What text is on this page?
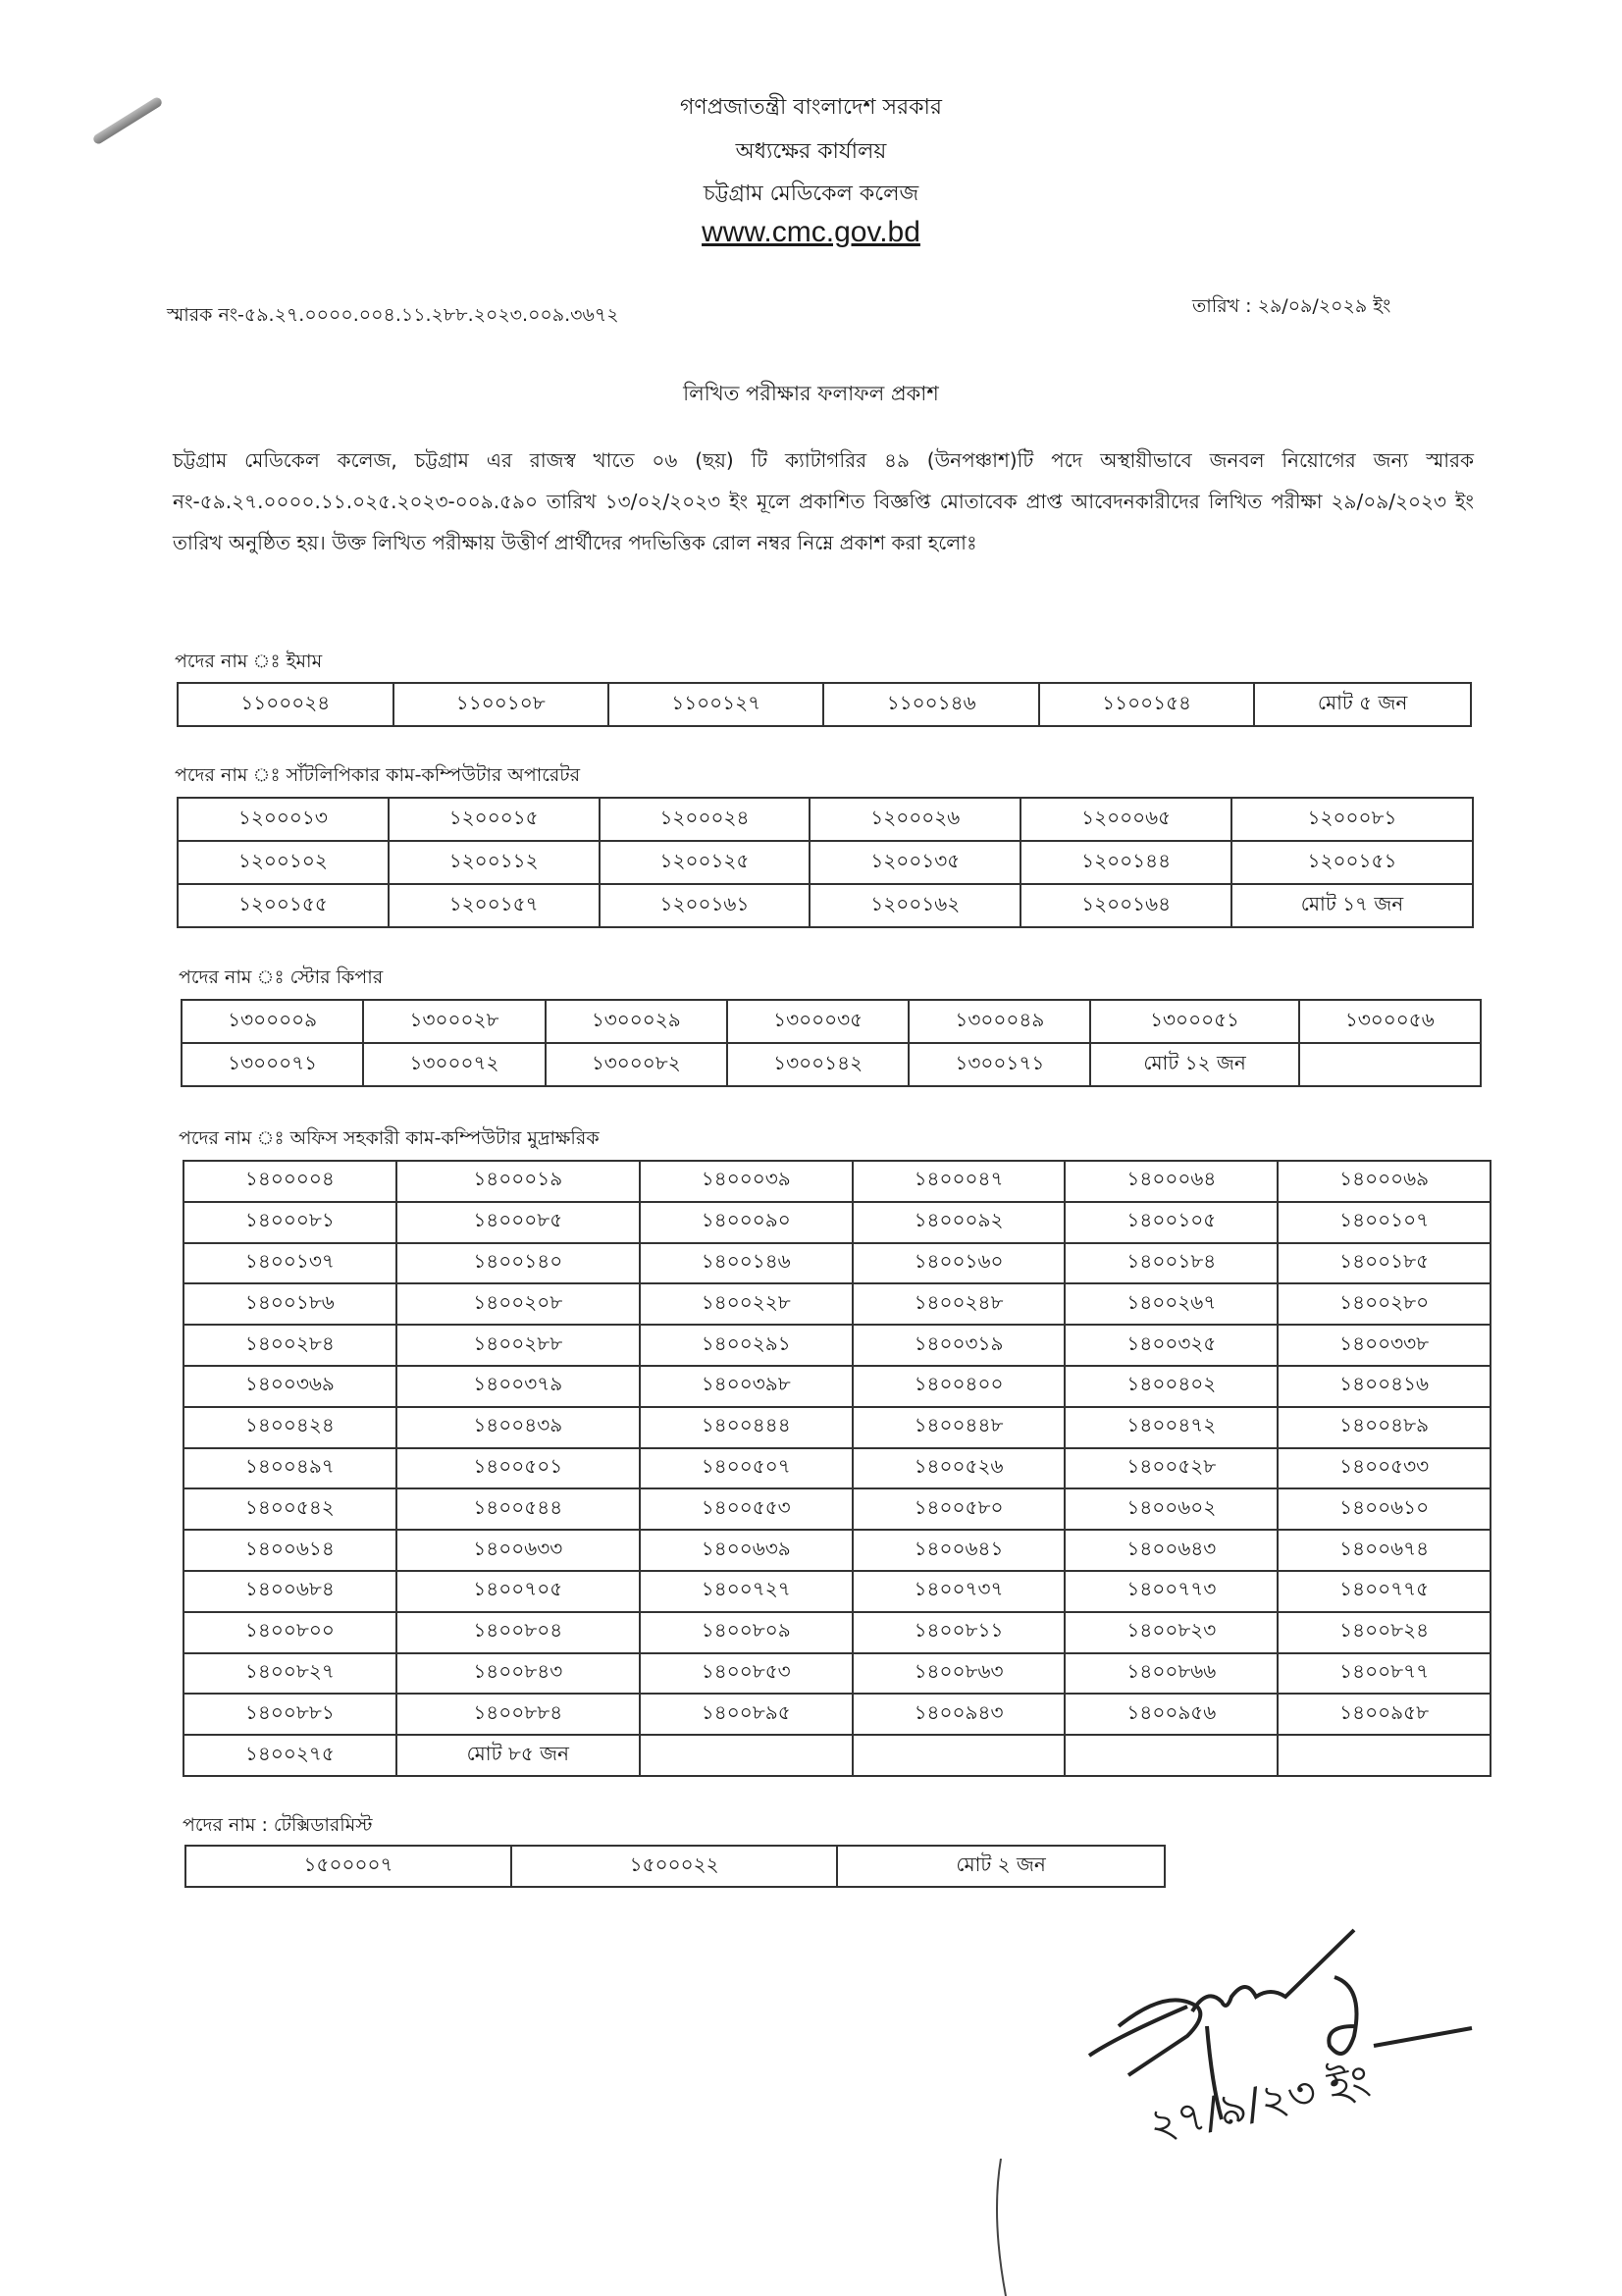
গণপ্রজাতন্ত্রী বাংলাদেশ সরকার
অধ্যক্ষের কার্যালয়
চট্টগ্রাম মেডিকেল কলেজ
www.cmc.gov.bd
স্মারক নং-৫৯.২৭.০০০০.০০৪.১১.২৮৮.২০২৩.০০৯.৩৬৭২	তারিখ : ২৯/০৯/২০২৯ ইং
লিখিত পরীক্ষার ফলাফল প্রকাশ
চট্টগ্রাম মেডিকেল কলেজ, চট্টগ্রাম এর রাজস্ব খাতে ০৬ (ছয়) টি ক্যাটাগরির ৪৯ (উনপঞ্চাশ)টি পদে অস্থায়ীভাবে জনবল নিয়োগের জন্য স্মারক নং-৫৯.২৭.০০০০.১১.০২৫.২০২৩-০০৯.৫৯০ তারিখ ১৩/০২/২০২৩ ইং মূলে প্রকাশিত বিজ্ঞপ্তি মোতাবেক প্রাপ্ত আবেদনকারীদের লিখিত পরীক্ষা ২৯/০৯/২০২৩ ইং তারিখ অনুষ্ঠিত হয়। উক্ত লিখিত পরীক্ষায় উত্তীর্ণ প্রার্থীদের পদভিত্তিক রোল নম্বর নিম্নে প্রকাশ করা হলোঃ
পদের নাম ঃ ইমাম
১১০০০২৪	১১০০১০৮	১১০০১২৭	১১০০১৪৬	১১০০১৫৪	মোট ৫ জন
পদের নাম ঃ সাঁটলিপিকার কাম-কম্পিউটার অপারেটর
১২০০০১৩	১২০০০১৫	১২০০০২৪	১২০০০২৬	১২০০০৬৫	১২০০০৮১
১২০০১০২	১২০০১১২	১২০০১২৫	১২০০১৩৫	১২০০১৪৪	১২০০১৫১
১২০০১৫৫	১২০০১৫৭	১২০০১৬১	১২০০১৬২	১২০০১৬৪	মোট ১৭ জন
পদের নাম ঃ স্টোর কিপার
১৩০০০০৯	১৩০০০২৮	১৩০০০২৯	১৩০০০৩৫	১৩০০০৪৯	১৩০০০৫১	১৩০০০৫৬
১৩০০০৭১	১৩০০০৭২	১৩০০০৮২	১৩০০১৪২	১৩০০১৭১	মোট ১২ জন	
পদের নাম ঃ অফিস সহকারী কাম-কম্পিউটার মুদ্রাক্ষরিক
১৪০০০০৪	১৪০০০১৯	১৪০০০৩৯	১৪০০০৪৭	১৪০০০৬৪	১৪০০০৬৯
১৪০০০৮১	১৪০০০৮৫	১৪০০০৯০	১৪০০০৯২	১৪০০১০৫	১৪০০১০৭
১৪০০১৩৭	১৪০০১৪০	১৪০০১৪৬	১৪০০১৬০	১৪০০১৮৪	১৪০০১৮৫
১৪০০১৮৬	১৪০০২০৮	১৪০০২২৮	১৪০০২৪৮	১৪০০২৬৭	১৪০০২৮০
১৪০০২৮৪	১৪০০২৮৮	১৪০০২৯১	১৪০০৩১৯	১৪০০৩২৫	১৪০০৩৩৮
১৪০০৩৬৯	১৪০০৩৭৯	১৪০০৩৯৮	১৪০০৪০০	১৪০০৪০২	১৪০০৪১৬
১৪০০৪২৪	১৪০০৪৩৯	১৪০০৪৪৪	১৪০০৪৪৮	১৪০০৪৭২	১৪০০৪৮৯
১৪০০৪৯৭	১৪০০৫০১	১৪০০৫০৭	১৪০০৫২৬	১৪০০৫২৮	১৪০০৫৩৩
১৪০০৫৪২	১৪০০৫৪৪	১৪০০৫৫৩	১৪০০৫৮০	১৪০০৬০২	১৪০০৬১০
১৪০০৬১৪	১৪০০৬৩৩	১৪০০৬৩৯	১৪০০৬৪১	১৪০০৬৪৩	১৪০০৬৭৪
১৪০০৬৮৪	১৪০০৭০৫	১৪০০৭২৭	১৪০০৭৩৭	১৪০০৭৭৩	১৪০০৭৭৫
১৪০০৮০০	১৪০০৮০৪	১৪০০৮০৯	১৪০০৮১১	১৪০০৮২৩	১৪০০৮২৪
১৪০০৮২৭	১৪০০৮৪৩	১৪০০৮৫৩	১৪০০৮৬৩	১৪০০৮৬৬	১৪০০৮৭৭
১৪০০৮৮১	১৪০০৮৮৪	১৪০০৮৯৫	১৪০০৯৪৩	১৪০০৯৫৬	১৪০০৯৫৮
১৪০০২৭৫	মোট ৮৫ জন				
পদের নাম : টেক্সিডারমিস্ট
১৫০০০০৭	১৫০০০২২	মোট ২ জন
২৭/৯/২৩ ইং
